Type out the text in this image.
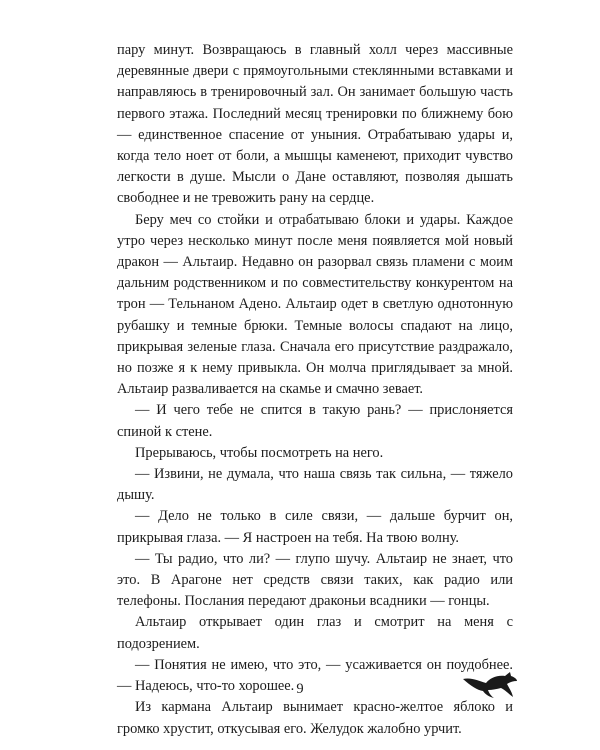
пару минут. Возвращаюсь в главный холл через массивные деревянные двери с прямоугольными стеклянными вставками и направляюсь в тренировочный зал. Он занимает большую часть первого этажа. Последний месяц тренировки по ближнему бою — единственное спасение от уныния. Отрабатываю удары и, когда тело ноет от боли, а мышцы каменеют, приходит чувство легкости в душе. Мысли о Дане оставляют, позволяя дышать свободнее и не тревожить рану на сердце.

Беру меч со стойки и отрабатываю блоки и удары. Каждое утро через несколько минут после меня появляется мой новый дракон — Альтаир. Недавно он разорвал связь пламени с моим дальним родственником и по совместительству конкурентом на трон — Тельнаном Адено. Альтаир одет в светлую однотонную рубашку и темные брюки. Темные волосы спадают на лицо, прикрывая зеленые глаза. Сначала его присутствие раздражало, но позже я к нему привыкла. Он молча приглядывает за мной. Альтаир разваливается на скамье и смачно зевает.

— И чего тебе не спится в такую рань? — прислоняется спиной к стене.

Прерываюсь, чтобы посмотреть на него.

— Извини, не думала, что наша связь так сильна, — тяжело дышу.

— Дело не только в силе связи, — дальше бурчит он, прикрывая глаза. — Я настроен на тебя. На твою волну.

— Ты радио, что ли? — глупо шучу. Альтаир не знает, что это. В Арагоне нет средств связи таких, как радио или телефоны. Послания передают драконьи всадники — гонцы.

Альтаир открывает один глаз и смотрит на меня с подозрением.

— Понятия не имею, что это, — усаживается он поудобнее. — Надеюсь, что-то хорошее.

Из кармана Альтаир вынимает красно-желтое яблоко и громко хрустит, откусывая его. Желудок жалобно урчит.

9
